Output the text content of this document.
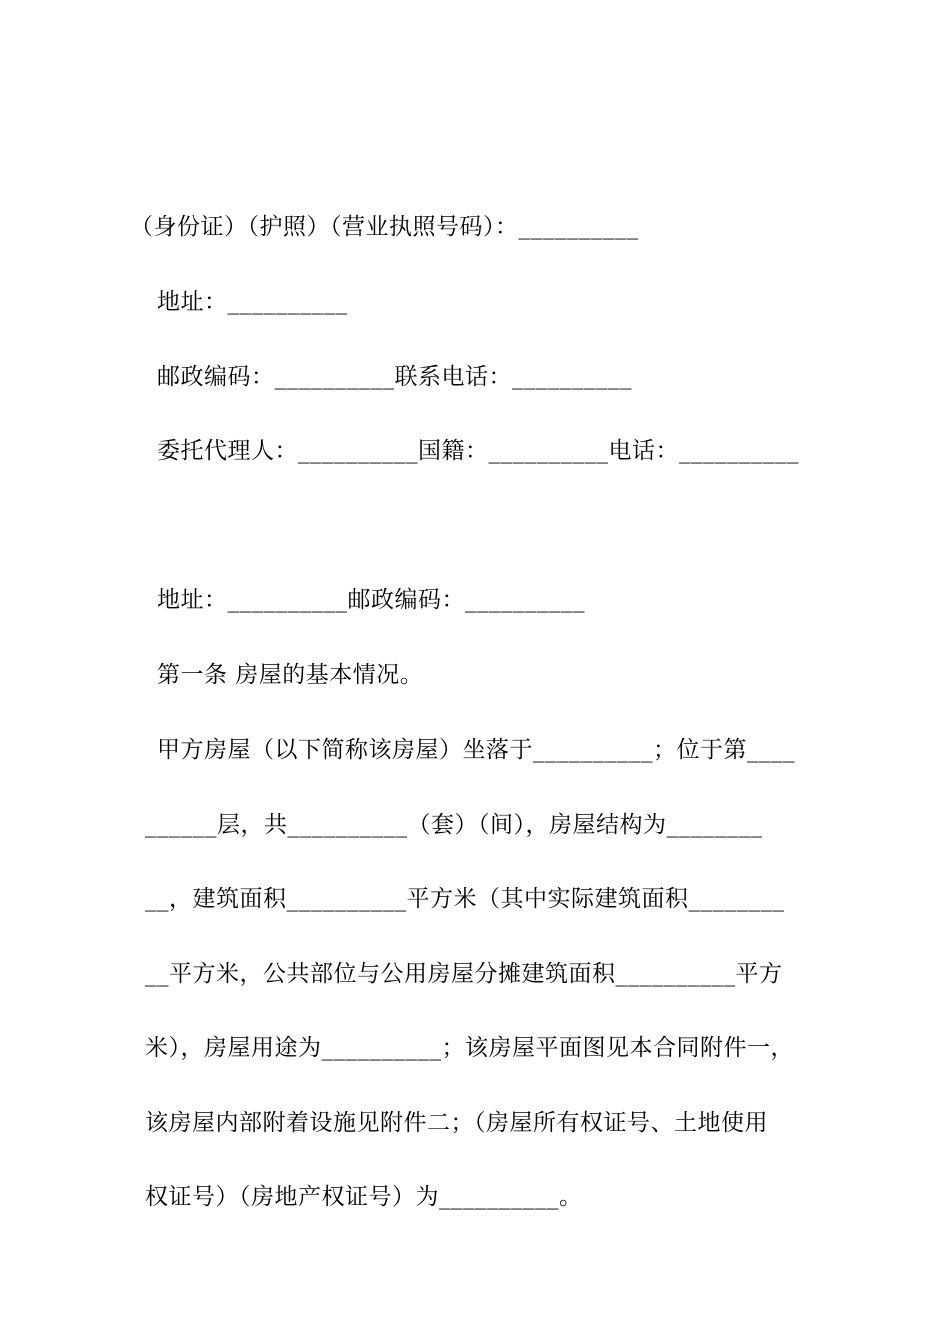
（身份证）（护照）（营业执照号码）：__________
地址：__________
邮政编码：__________联系电话：__________
委托代理人：__________国籍：__________电话：__________
地址：__________邮政编码：__________
第一条 房屋的基本情况。
甲方房屋（以下简称该房屋）坐落于__________；位于第____
______层，共__________（套）（间），房屋结构为________
__，建筑面积__________平方米（其中实际建筑面积________
__平方米，公共部位与公用房屋分摊建筑面积__________平方
米），房屋用途为__________；该房屋平面图见本合同附件一，
该房屋内部附着设施见附件二；（房屋所有权证号、土地使用
权证号）（房地产权证号）为__________。
